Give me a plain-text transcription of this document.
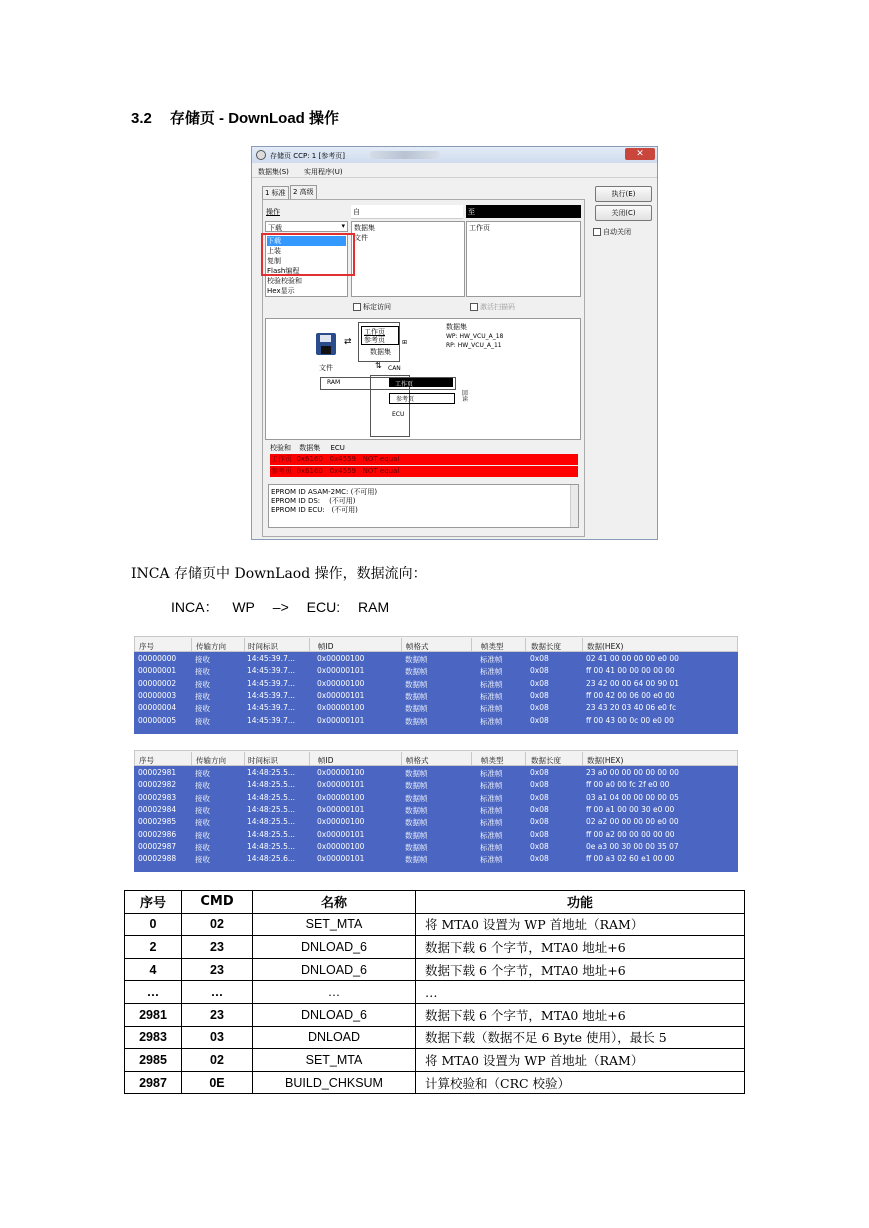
3.2 存储页 - DownLoad 操作
存储页 CCP: 1 [参考页]	✕
数据集(S) 实用程序(U)
1 标准	2 高级	执行(E)
关闭(C)
自动关闭
操作
下载	▾
下载
上装
复制
Flash编程
校验校验和
Hex显示
自
数据集
文件
至
工作页
标定访问	激活扫描码
⇄
工作页
参考页
数据集
⊞
数据集
WP: HW_VCU_A_18
RP: HW_VCU_A_11
文件	⇅ CAN
RAM	工作页
参考页
ECU
回读
校验和 数据集 ECU
工作页 0x6160 0x4559 NOT equal
参考页 0x6160 0x4559 NOT equal
EPROM ID ASAM-2MC: (不可用)
EPROM ID DS: (不可用)
EPROM ID ECU: (不可用)
INCA 存储页中 DownLaod 操作，数据流向：
INCA： WP –> ECU: RAM
序号	传输方向	时间标识	帧ID	帧格式	帧类型	数据长度	数据(HEX)
00000000	接收	14:45:39.7...	0x00000100	数据帧	标准帧	0x08	02 41 00 00 00 00 e0 00
00000001	接收	14:45:39.7...	0x00000101	数据帧	标准帧	0x08	ff 00 41 00 00 00 00 00
00000002	接收	14:45:39.7...	0x00000100	数据帧	标准帧	0x08	23 42 00 00 64 00 90 01
00000003	接收	14:45:39.7...	0x00000101	数据帧	标准帧	0x08	ff 00 42 00 06 00 e0 00
00000004	接收	14:45:39.7...	0x00000100	数据帧	标准帧	0x08	23 43 20 03 40 06 e0 fc
00000005	接收	14:45:39.7...	0x00000101	数据帧	标准帧	0x08	ff 00 43 00 0c 00 e0 00
序号	传输方向	时间标识	帧ID	帧格式	帧类型	数据长度	数据(HEX)
00002981	接收	14:48:25.5...	0x00000100	数据帧	标准帧	0x08	23 a0 00 00 00 00 00 00
00002982	接收	14:48:25.5...	0x00000101	数据帧	标准帧	0x08	ff 00 a0 00 fc 2f e0 00
00002983	接收	14:48:25.5...	0x00000100	数据帧	标准帧	0x08	03 a1 04 00 00 00 00 05
00002984	接收	14:48:25.5...	0x00000101	数据帧	标准帧	0x08	ff 00 a1 00 00 30 e0 00
00002985	接收	14:48:25.5...	0x00000100	数据帧	标准帧	0x08	02 a2 00 00 00 00 e0 00
00002986	接收	14:48:25.5...	0x00000101	数据帧	标准帧	0x08	ff 00 a2 00 00 00 00 00
00002987	接收	14:48:25.5...	0x00000100	数据帧	标准帧	0x08	0e a3 00 30 00 00 35 07
00002988	接收	14:48:25.6...	0x00000101	数据帧	标准帧	0x08	ff 00 a3 02 60 e1 00 00
序号	CMD	名称	功能
0	02	SET_MTA	将 MTA0 设置为 WP 首地址（RAM）
2	23	DNLOAD_6	数据下载 6 个字节，MTA0 地址+6
4	23	DNLOAD_6	数据下载 6 个字节，MTA0 地址+6
…	…	…	…
2981	23	DNLOAD_6	数据下载 6 个字节，MTA0 地址+6
2983	03	DNLOAD	数据下载（数据不足 6 Byte 使用），最长 5
2985	02	SET_MTA	将 MTA0 设置为 WP 首地址（RAM）
2987	0E	BUILD_CHKSUM	计算校验和（CRC 校验）
